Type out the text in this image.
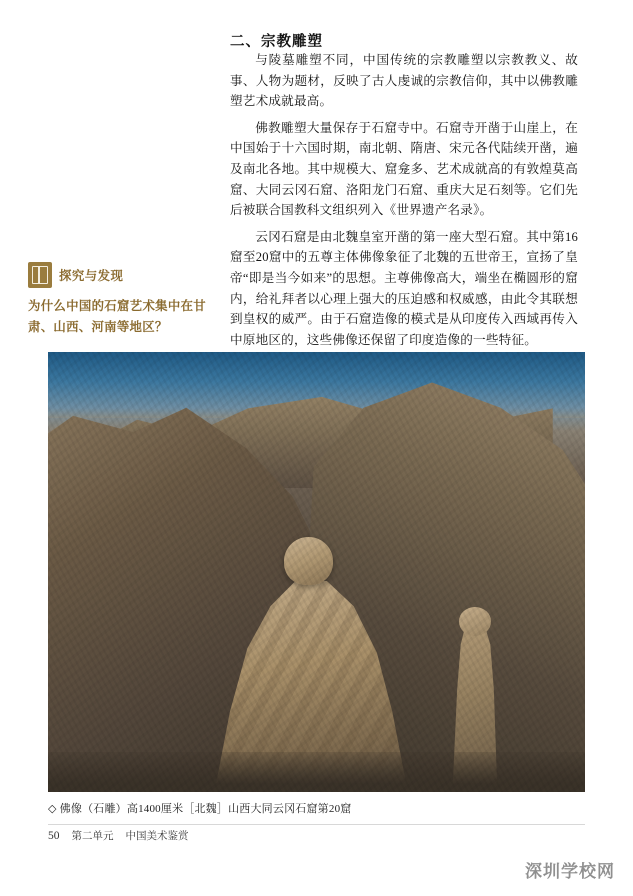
二、宗教雕塑

与陵墓雕塑不同，中国传统的宗教雕塑以宗教教义、故事、人物为题材，反映了古人虔诚的宗教信仰，其中以佛教雕塑艺术成就最高。

佛教雕塑大量保存于石窟寺中。石窟寺开凿于山崖上，在中国始于十六国时期，南北朝、隋唐、宋元各代陆续开凿，遍及南北各地。其中规模大、窟龛多、艺术成就高的有敦煌莫高窟、大同云冈石窟、洛阳龙门石窟、重庆大足石刻等。它们先后被联合国教科文组织列入《世界遗产名录》。

云冈石窟是由北魏皇室开凿的第一座大型石窟。其中第16窟至20窟中的五尊主体佛像象征了北魏的五世帝王，宣扬了皇帝“即是当今如来”的思想。主尊佛像高大，端坐在椭圆形的窟内，给礼拜者以心理上强大的压迫感和权威感，由此令其联想到皇权的威严。由于石窟造像的模式是从印度传入西域再传入中原地区的，这些佛像还保留了印度造像的一些特征。

探究与发现
为什么中国的石窟艺术集中在甘肃、山西、河南等地区？
◇ 佛像（石雕）高1400厘米［北魏］山西大同云冈石窟第20窟
50 第二单元 中国美术鉴赏
深圳学校网
